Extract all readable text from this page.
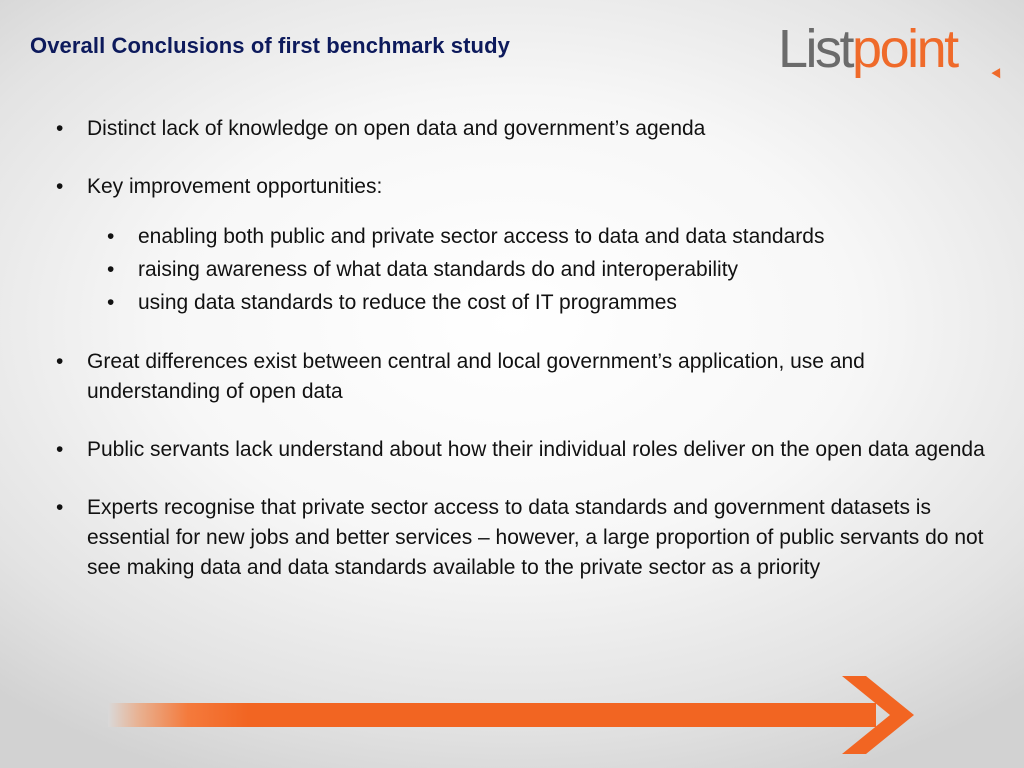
Overall Conclusions of first benchmark study	Listpoint
• Distinct lack of knowledge on open data and government’s agenda
• Key improvement opportunities:
• enabling both public and private sector access to data and data standards
• raising awareness of what data standards do and interoperability
• using data standards to reduce the cost of IT programmes
• Great differences exist between central and local government’s application, use and understanding of open data
• Public servants lack understand about how their individual roles deliver on the open data agenda
• Experts recognise that private sector access to data standards and government datasets is essential for new jobs and better services – however, a large proportion of public servants do not see making data and data standards available to the private sector as a priority
